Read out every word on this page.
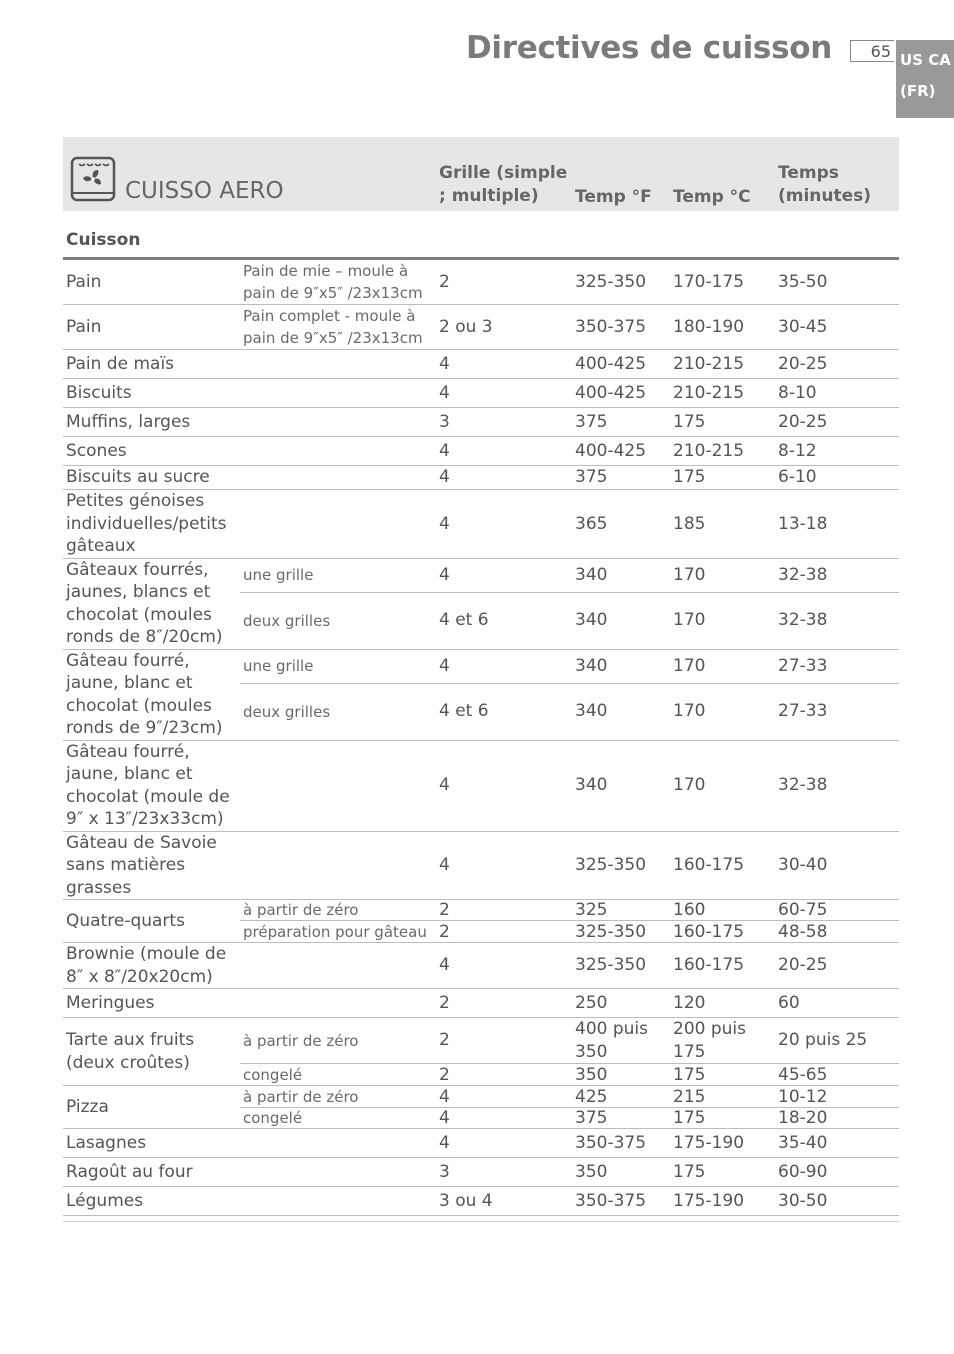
Directives de cuisson	65 US CA
(FR)
CUISSO AERO		Grille (simple ; multiple)	Temp °F	Temp °C	Temps (minutes)
Cuisson					
Pain	Pain de mie – moule à pain de 9″x5″ /23x13cm	2	325-350	170-175	35-50
Pain	Pain complet - moule à pain de 9″x5″ /23x13cm	2 ou 3	350-375	180-190	30-45
Pain de maïs		4	400-425	210-215	20-25
Biscuits		4	400-425	210-215	8-10
Muffins, larges		3	375	175	20-25
Scones		4	400-425	210-215	8-12
Biscuits au sucre		4	375	175	6-10
Petites génoises individuelles/petits gâteaux		4	365	185	13-18
Gâteaux fourrés, jaunes, blancs et chocolat (moules ronds de 8″/20cm)	une grille	4	340	170	32-38
	deux grilles	4 et 6	340	170	32-38
Gâteau fourré, jaune, blanc et chocolat (moules ronds de 9″/23cm)	une grille	4	340	170	27-33
	deux grilles	4 et 6	340	170	27-33
Gâteau fourré, jaune, blanc et chocolat (moule de 9″ x 13″/23x33cm)		4	340	170	32-38
Gâteau de Savoie sans matières grasses		4	325-350	160-175	30-40
Quatre-quarts	à partir de zéro	2	325	160	60-75
	préparation pour gâteau	2	325-350	160-175	48-58
Brownie (moule de 8″ x 8″/20x20cm)		4	325-350	160-175	20-25
Meringues		2	250	120	60
Tarte aux fruits (deux croûtes)	à partir de zéro	2	400 puis 350	200 puis 175	20 puis 25
	congelé	2	350	175	45-65
Pizza	à partir de zéro	4	425	215	10-12
	congelé	4	375	175	18-20
Lasagnes		4	350-375	175-190	35-40
Ragoût au four		3	350	175	60-90
Légumes		3 ou 4	350-375	175-190	30-50
